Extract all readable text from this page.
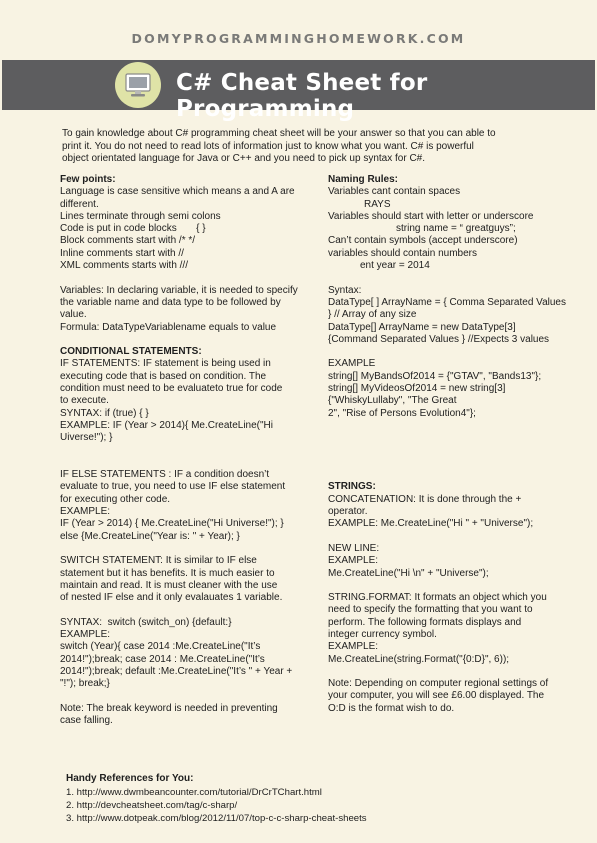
DOMYPROGRAMMINGHOMEWORK.COM
C# Cheat Sheet for Programming
To gain knowledge about C# programming cheat sheet will be your answer so that you can able to
print it. You do not need to read lots of information just to know what you want. C# is powerful
object orientated language for Java or C++ and you need to pick up syntax for C#.
Few points:
Language is case sensitive which means a and A are
different.
Lines terminate through semi colons
Code is put in code blocks       { }
Block comments start with /* */
Inline comments start with //
XML comments starts with ///
Variables: In declaring variable, it is needed to specify
the variable name and data type to be followed by
value.
Formula: DataTypeVariablename equals to value
CONDITIONAL STATEMENTS:
IF STATEMENTS: IF statement is being used in
executing code that is based on condition. The
condition must need to be evaluateto true for code
to execute.
SYNTAX: if (true) { }
EXAMPLE: IF (Year > 2014){ Me.CreateLine("Hi
Uiverse!"); }
IF ELSE STATEMENTS : IF a condition doesn’t
evaluate to true, you need to use IF else statement
for executing other code.
EXAMPLE:
IF (Year > 2014) { Me.CreateLine("Hi Universe!"); }
else {Me.CreateLine("Year is: " + Year); }
SWITCH STATEMENT: It is similar to IF else
statement but it has benefits. It is much easier to
maintain and read. It is must cleaner with the use
of nested IF else and it only evalauates 1 variable.
SYNTAX:  switch (switch_on) {default:}
EXAMPLE:
switch (Year){ case 2014 :Me.CreateLine("It’s
2014!");break; case 2014 : Me.CreateLine("It’s
2014!");break; default :Me.CreateLine("It’s " + Year +
"!"); break;}
Note: The break keyword is needed in preventing
case falling.
Naming Rules:
Variables cant contain spaces
RAYS
Variables should start with letter or underscore
string name = “ greatguys”;
Can’t contain symbols (accept underscore)
variables should contain numbers
ent year = 2014
Syntax:
DataType[ ] ArrayName = { Comma Separated Values
} // Array of any size
DataType[] ArrayName = new DataType[3]
{Command Separated Values } //Expects 3 values
EXAMPLE
string[] MyBandsOf2014 = {"GTAV", "Bands13"};
string[] MyVideosOf2014 = new string[3]
{"WhiskyLullaby", "The Great
2", "Rise of Persons Evolution4"};
STRINGS:
CONCATENATION: It is done through the +
operator.
EXAMPLE: Me.CreateLine("Hi " + "Universe");
NEW LINE:
EXAMPLE:
Me.CreateLine("Hi \n" + "Universe");
STRING.FORMAT: It formats an object which you
need to specify the formatting that you want to
perform. The following formats displays and
integer currency symbol.
EXAMPLE:
Me.CreateLine(string.Format("{0:D}", 6));
Note: Depending on computer regional settings of
your computer, you will see £6.00 displayed. The
O:D is the format wish to do.
Handy References for You:
1. http://www.dwmbeancounter.com/tutorial/DrCrTChart.html
2. http://devcheatsheet.com/tag/c-sharp/
3. http://www.dotpeak.com/blog/2012/11/07/top-c-c-sharp-cheat-sheets
